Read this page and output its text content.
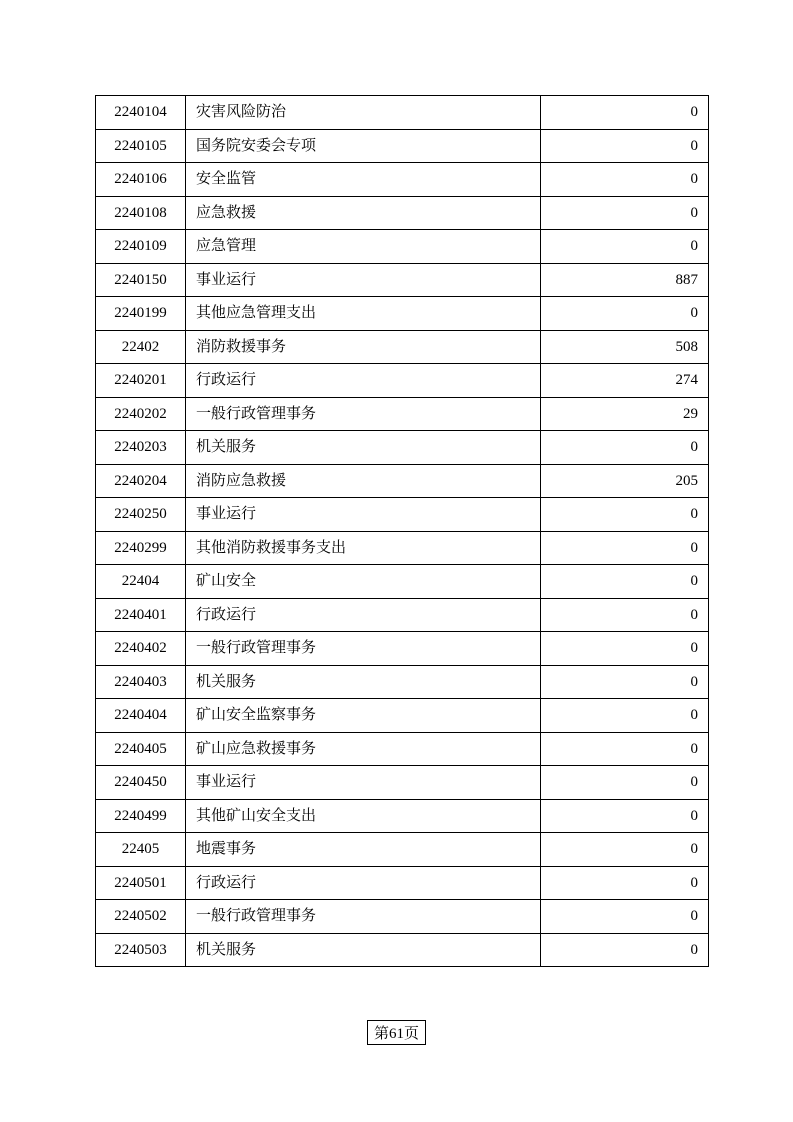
2240104	灾害风险防治	0
2240105	国务院安委会专项	0
2240106	安全监管	0
2240108	应急救援	0
2240109	应急管理	0
2240150	事业运行	887
2240199	其他应急管理支出	0
22402	消防救援事务	508
2240201	行政运行	274
2240202	一般行政管理事务	29
2240203	机关服务	0
2240204	消防应急救援	205
2240250	事业运行	0
2240299	其他消防救援事务支出	0
22404	矿山安全	0
2240401	行政运行	0
2240402	一般行政管理事务	0
2240403	机关服务	0
2240404	矿山安全监察事务	0
2240405	矿山应急救援事务	0
2240450	事业运行	0
2240499	其他矿山安全支出	0
22405	地震事务	0
2240501	行政运行	0
2240502	一般行政管理事务	0
2240503	机关服务	0
第61页
